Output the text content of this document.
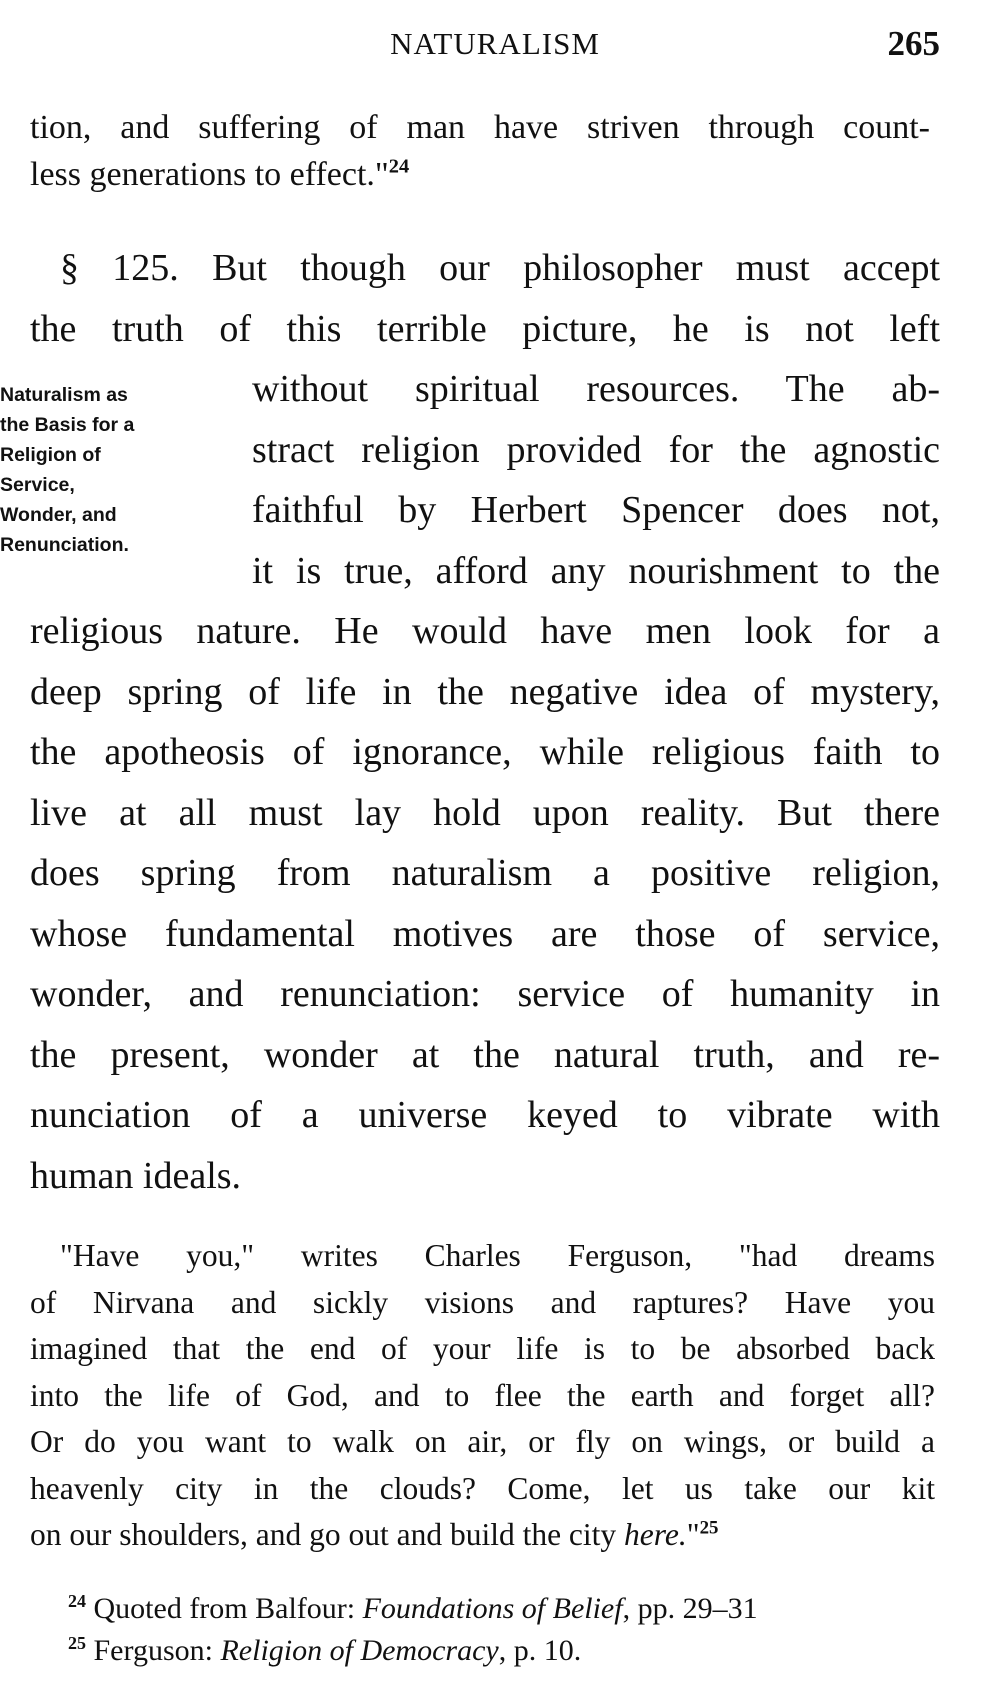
NATURALISM	265
tion, and suffering of man have striven through count-
less generations to effect."$^{24}$
Naturalism as
the Basis for a
Religion of
Service,
Wonder, and
Renunciation.
§ 125. But though our philosopher must accept
the truth of this terrible picture, he is not left
without spiritual resources. The ab-
stract religion provided for the agnostic
faithful by Herbert Spencer does not,
it is true, afford any nourishment to the
religious nature. He would have men look for a
deep spring of life in the negative idea of mystery,
the apotheosis of ignorance, while religious faith to
live at all must lay hold upon reality. But there
does spring from naturalism a positive religion,
whose fundamental motives are those of service,
wonder, and renunciation: service of humanity in
the present, wonder at the natural truth, and re-
nunciation of a universe keyed to vibrate with
human ideals.
"Have you," writes Charles Ferguson, "had dreams
of Nirvana and sickly visions and raptures? Have you
imagined that the end of your life is to be absorbed back
into the life of God, and to flee the earth and forget all?
Or do you want to walk on air, or fly on wings, or build a
heavenly city in the clouds? Come, let us take our kit
on our shoulders, and go out and build the city here."$^{25}$
$^{24}$ Quoted from Balfour: Foundations of Belief, pp. 29–31
$^{25}$ Ferguson: Religion of Democracy, p. 10.
